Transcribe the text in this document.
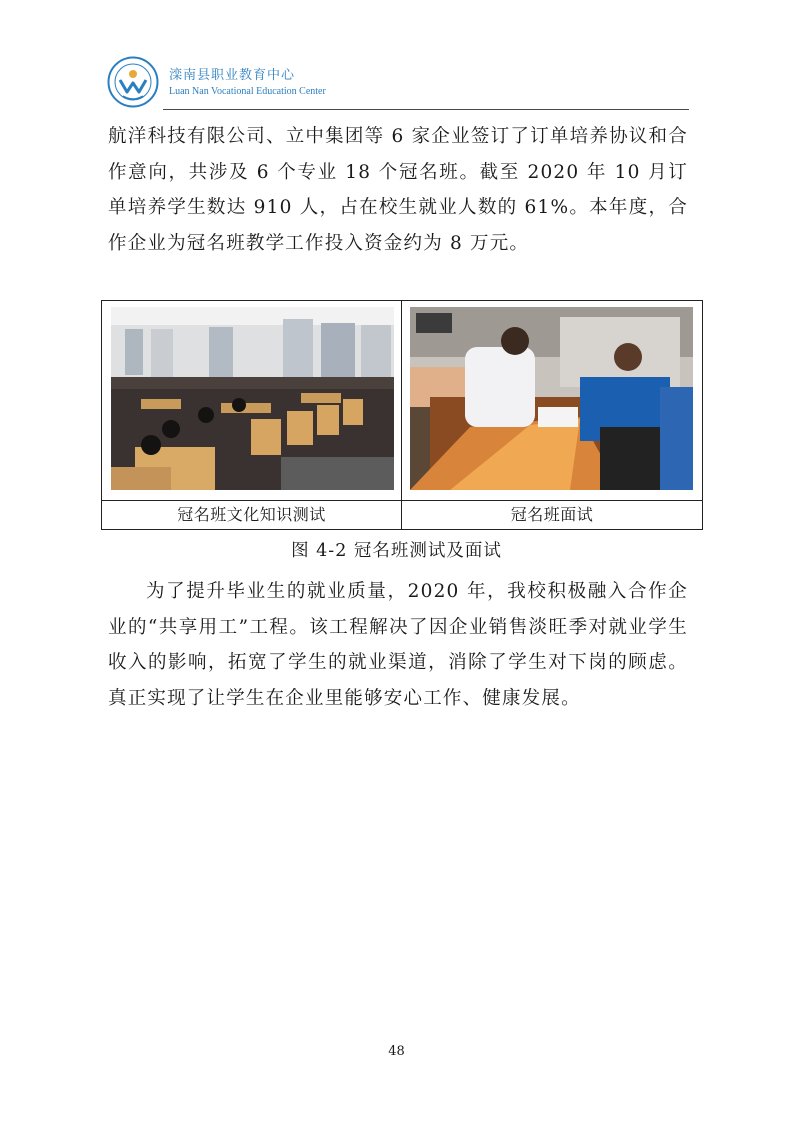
滦南县职业教育中心
Luan Nan Vocational Education Center

航洋科技有限公司、立中集团等 6 家企业签订了订单培养协议和合作意向，共涉及 6 个专业 18 个冠名班。截至 2020 年 10 月订单培养学生数达 910 人，占在校生就业人数的 61%。本年度，合作企业为冠名班教学工作投入资金约为 8 万元。

冠名班文化知识测试	冠名班面试
图 4-2 冠名班测试及面试

为了提升毕业生的就业质量，2020 年，我校积极融入合作企业的“共享用工”工程。该工程解决了因企业销售淡旺季对就业学生收入的影响，拓宽了学生的就业渠道，消除了学生对下岗的顾虑。真正实现了让学生在企业里能够安心工作、健康发展。

48
